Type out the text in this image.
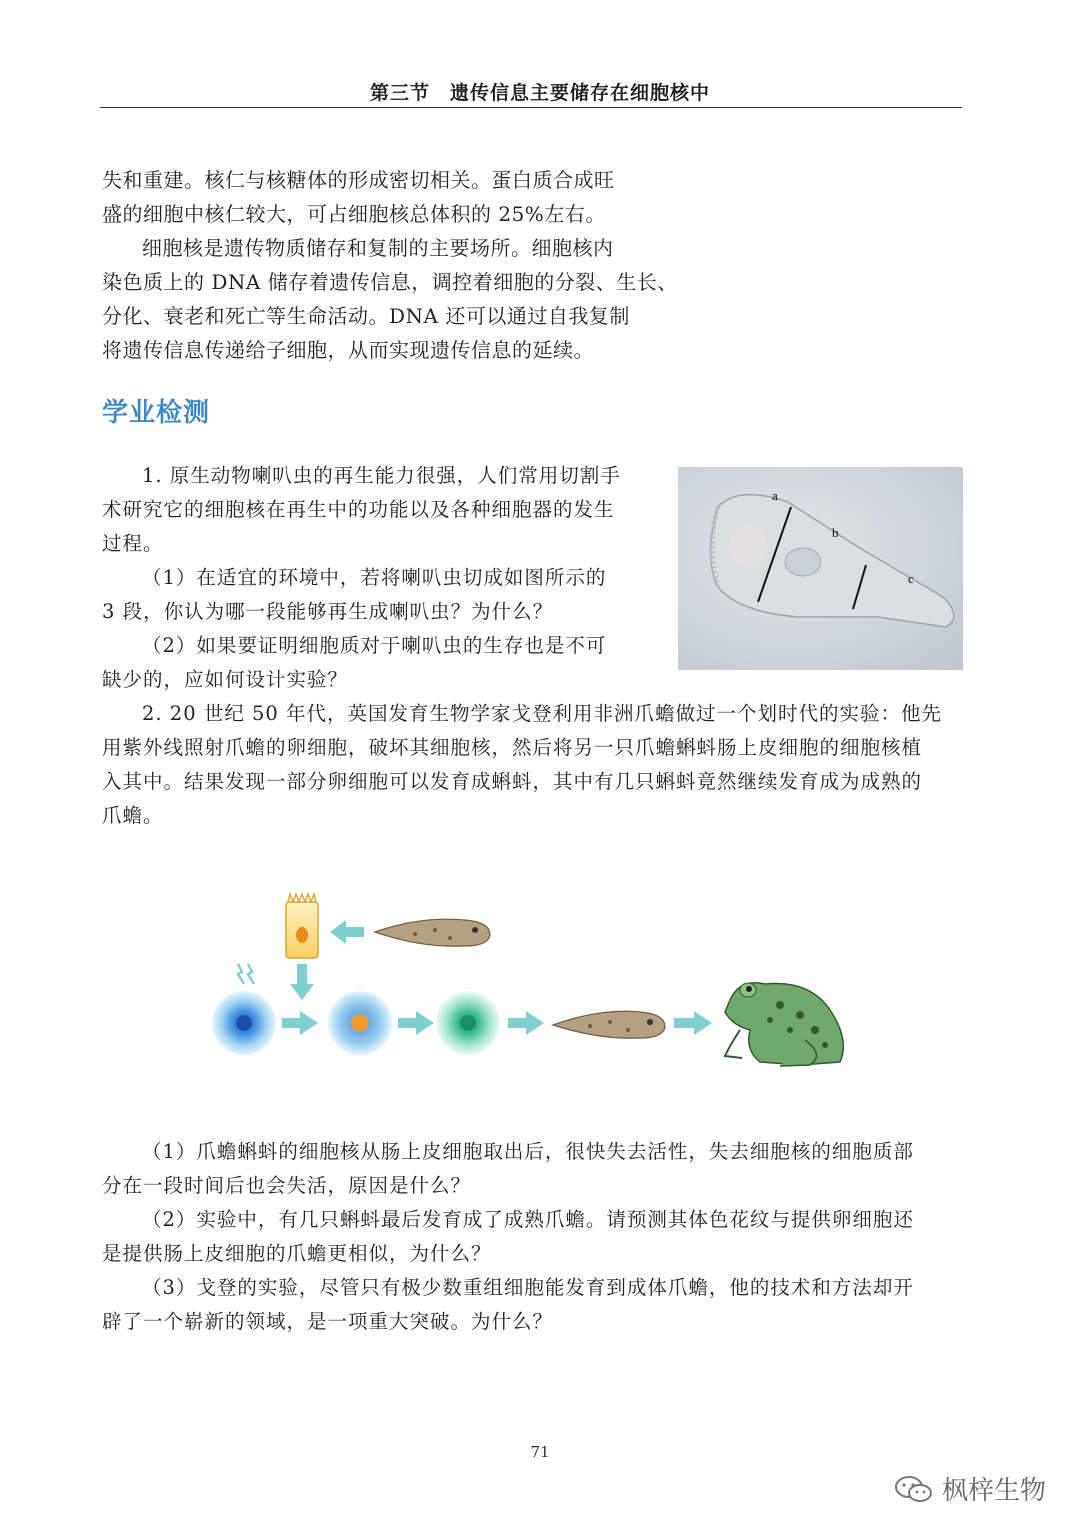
第三节　遗传信息主要储存在细胞核中

失和重建。核仁与核糖体的形成密切相关。蛋白质合成旺

盛的细胞中核仁较大，可占细胞核总体积的 25%左右。

细胞核是遗传物质储存和复制的主要场所。细胞核内

染色质上的 DNA 储存着遗传信息，调控着细胞的分裂、生长、

分化、衰老和死亡等生命活动。DNA 还可以通过自我复制

将遗传信息传递给子细胞，从而实现遗传信息的延续。

学业检测

1. 原生动物喇叭虫的再生能力很强，人们常用切割手

术研究它的细胞核在再生中的功能以及各种细胞器的发生

过程。

（1）在适宜的环境中，若将喇叭虫切成如图所示的

3 段，你认为哪一段能够再生成喇叭虫？为什么？

（2）如果要证明细胞质对于喇叭虫的生存也是不可

缺少的，应如何设计实验？

a
b
c

2. 20 世纪 50 年代，英国发育生物学家戈登利用非洲爪蟾做过一个划时代的实验：他先

用紫外线照射爪蟾的卵细胞，破坏其细胞核，然后将另一只爪蟾蝌蚪肠上皮细胞的细胞核植

入其中。结果发现一部分卵细胞可以发育成蝌蚪，其中有几只蝌蚪竟然继续发育成为成熟的

爪蟾。

（1）爪蟾蝌蚪的细胞核从肠上皮细胞取出后，很快失去活性，失去细胞核的细胞质部

分在一段时间后也会失活，原因是什么？

（2）实验中，有几只蝌蚪最后发育成了成熟爪蟾。请预测其体色花纹与提供卵细胞还

是提供肠上皮细胞的爪蟾更相似，为什么？

（3）戈登的实验，尽管只有极少数重组细胞能发育到成体爪蟾，他的技术和方法却开

辟了一个崭新的领域，是一项重大突破。为什么？

71
枫梓生物
